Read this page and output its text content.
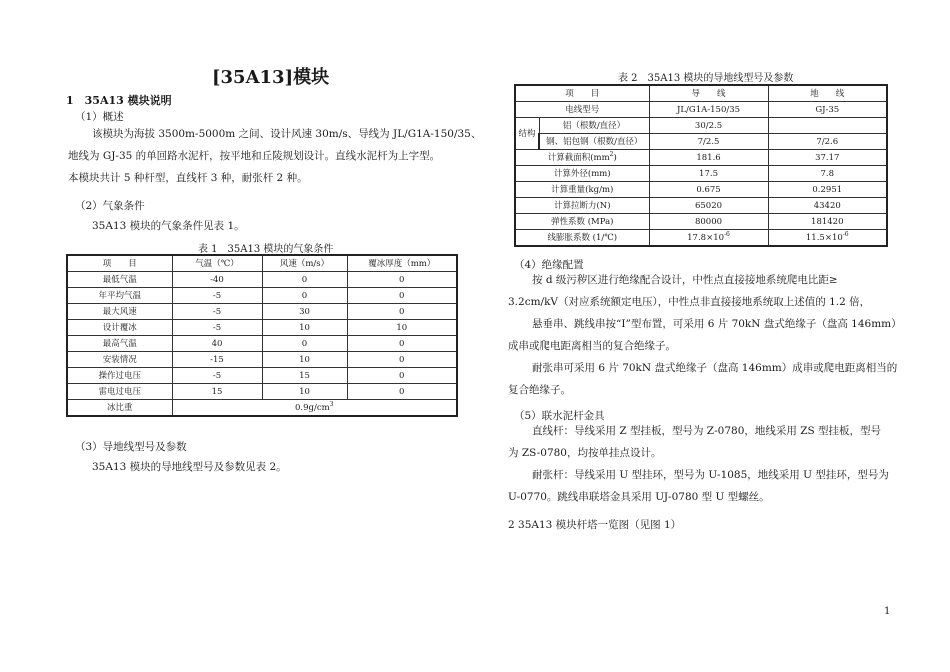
[35A13]模块
1　35A13 模块说明
（1）概述
该模块为海拔 3500m-5000m 之间、设计风速 30m/s、导线为 JL/G1A-150/35、
地线为 GJ-35 的单回路水泥杆，按平地和丘陵规划设计。直线水泥杆为上字型。
本模块共计 5 种杆型，直线杆 3 种，耐张杆 2 种。
（2）气象条件
35A13 模块的气象条件见表 1。
表 1　35A13 模块的气象条件
项　　目	气温（℃）	风速（m/s）	覆冰厚度（mm）
最低气温	-40	0	0
年平均气温	-5	0	0
最大风速	-5	30	0
设计覆冰	-5	10	10
最高气温	40	0	0
安装情况	-15	10	0
操作过电压	-5	15	0
雷电过电压	15	10	0
冰比重	$0.9g/cm^3$
（3）导地线型号及参数
35A13 模块的导地线型号及参数见表 2。
表 2　35A13 模块的导地线型号及参数
项　　目		导　　线	地　　线
电线型号		JL/G1A-150/35	GJ-35
结构	铝（根数/直径）	30/2.5	
	钢、铝包钢（根数/直径）	7/2.5	7/2.6
计算截面积$(mm^2)$		181.6	37.17
计算外径(mm)		17.5	7.8
计算重量(kg/m)		0.675	0.2951
计算拉断力(N)		65020	43420
弹性系数 (MPa)		80000	181420
线膨胀系数 (1/℃)		$17.8\times 10^{-6}$	$11.5\times 10^{-6}$
（4）绝缘配置
按 d 级污秽区进行绝缘配合设计，中性点直接接地系统爬电比距≥
3.2cm/kV（对应系统额定电压），中性点非直接接地系统取上述值的 1.2 倍，
悬垂串、跳线串按“I”型布置，可采用 6 片 70kN 盘式绝缘子（盘高 146mm）
成串或爬电距离相当的复合绝缘子。
耐张串可采用 6 片 70kN 盘式绝缘子（盘高 146mm）成串或爬电距离相当的
复合绝缘子。
（5）联水泥杆金具
直线杆：导线采用 Z 型挂板，型号为 Z-0780，地线采用 ZS 型挂板，型号
为 ZS-0780，均按单挂点设计。
耐张杆：导线采用 U 型挂环，型号为 U-1085，地线采用 U 型挂环，型号为
U-0770。跳线串联塔金具采用 UJ-0780 型 U 型螺丝。
2 35A13 模块杆塔一览图（见图 1）
1
